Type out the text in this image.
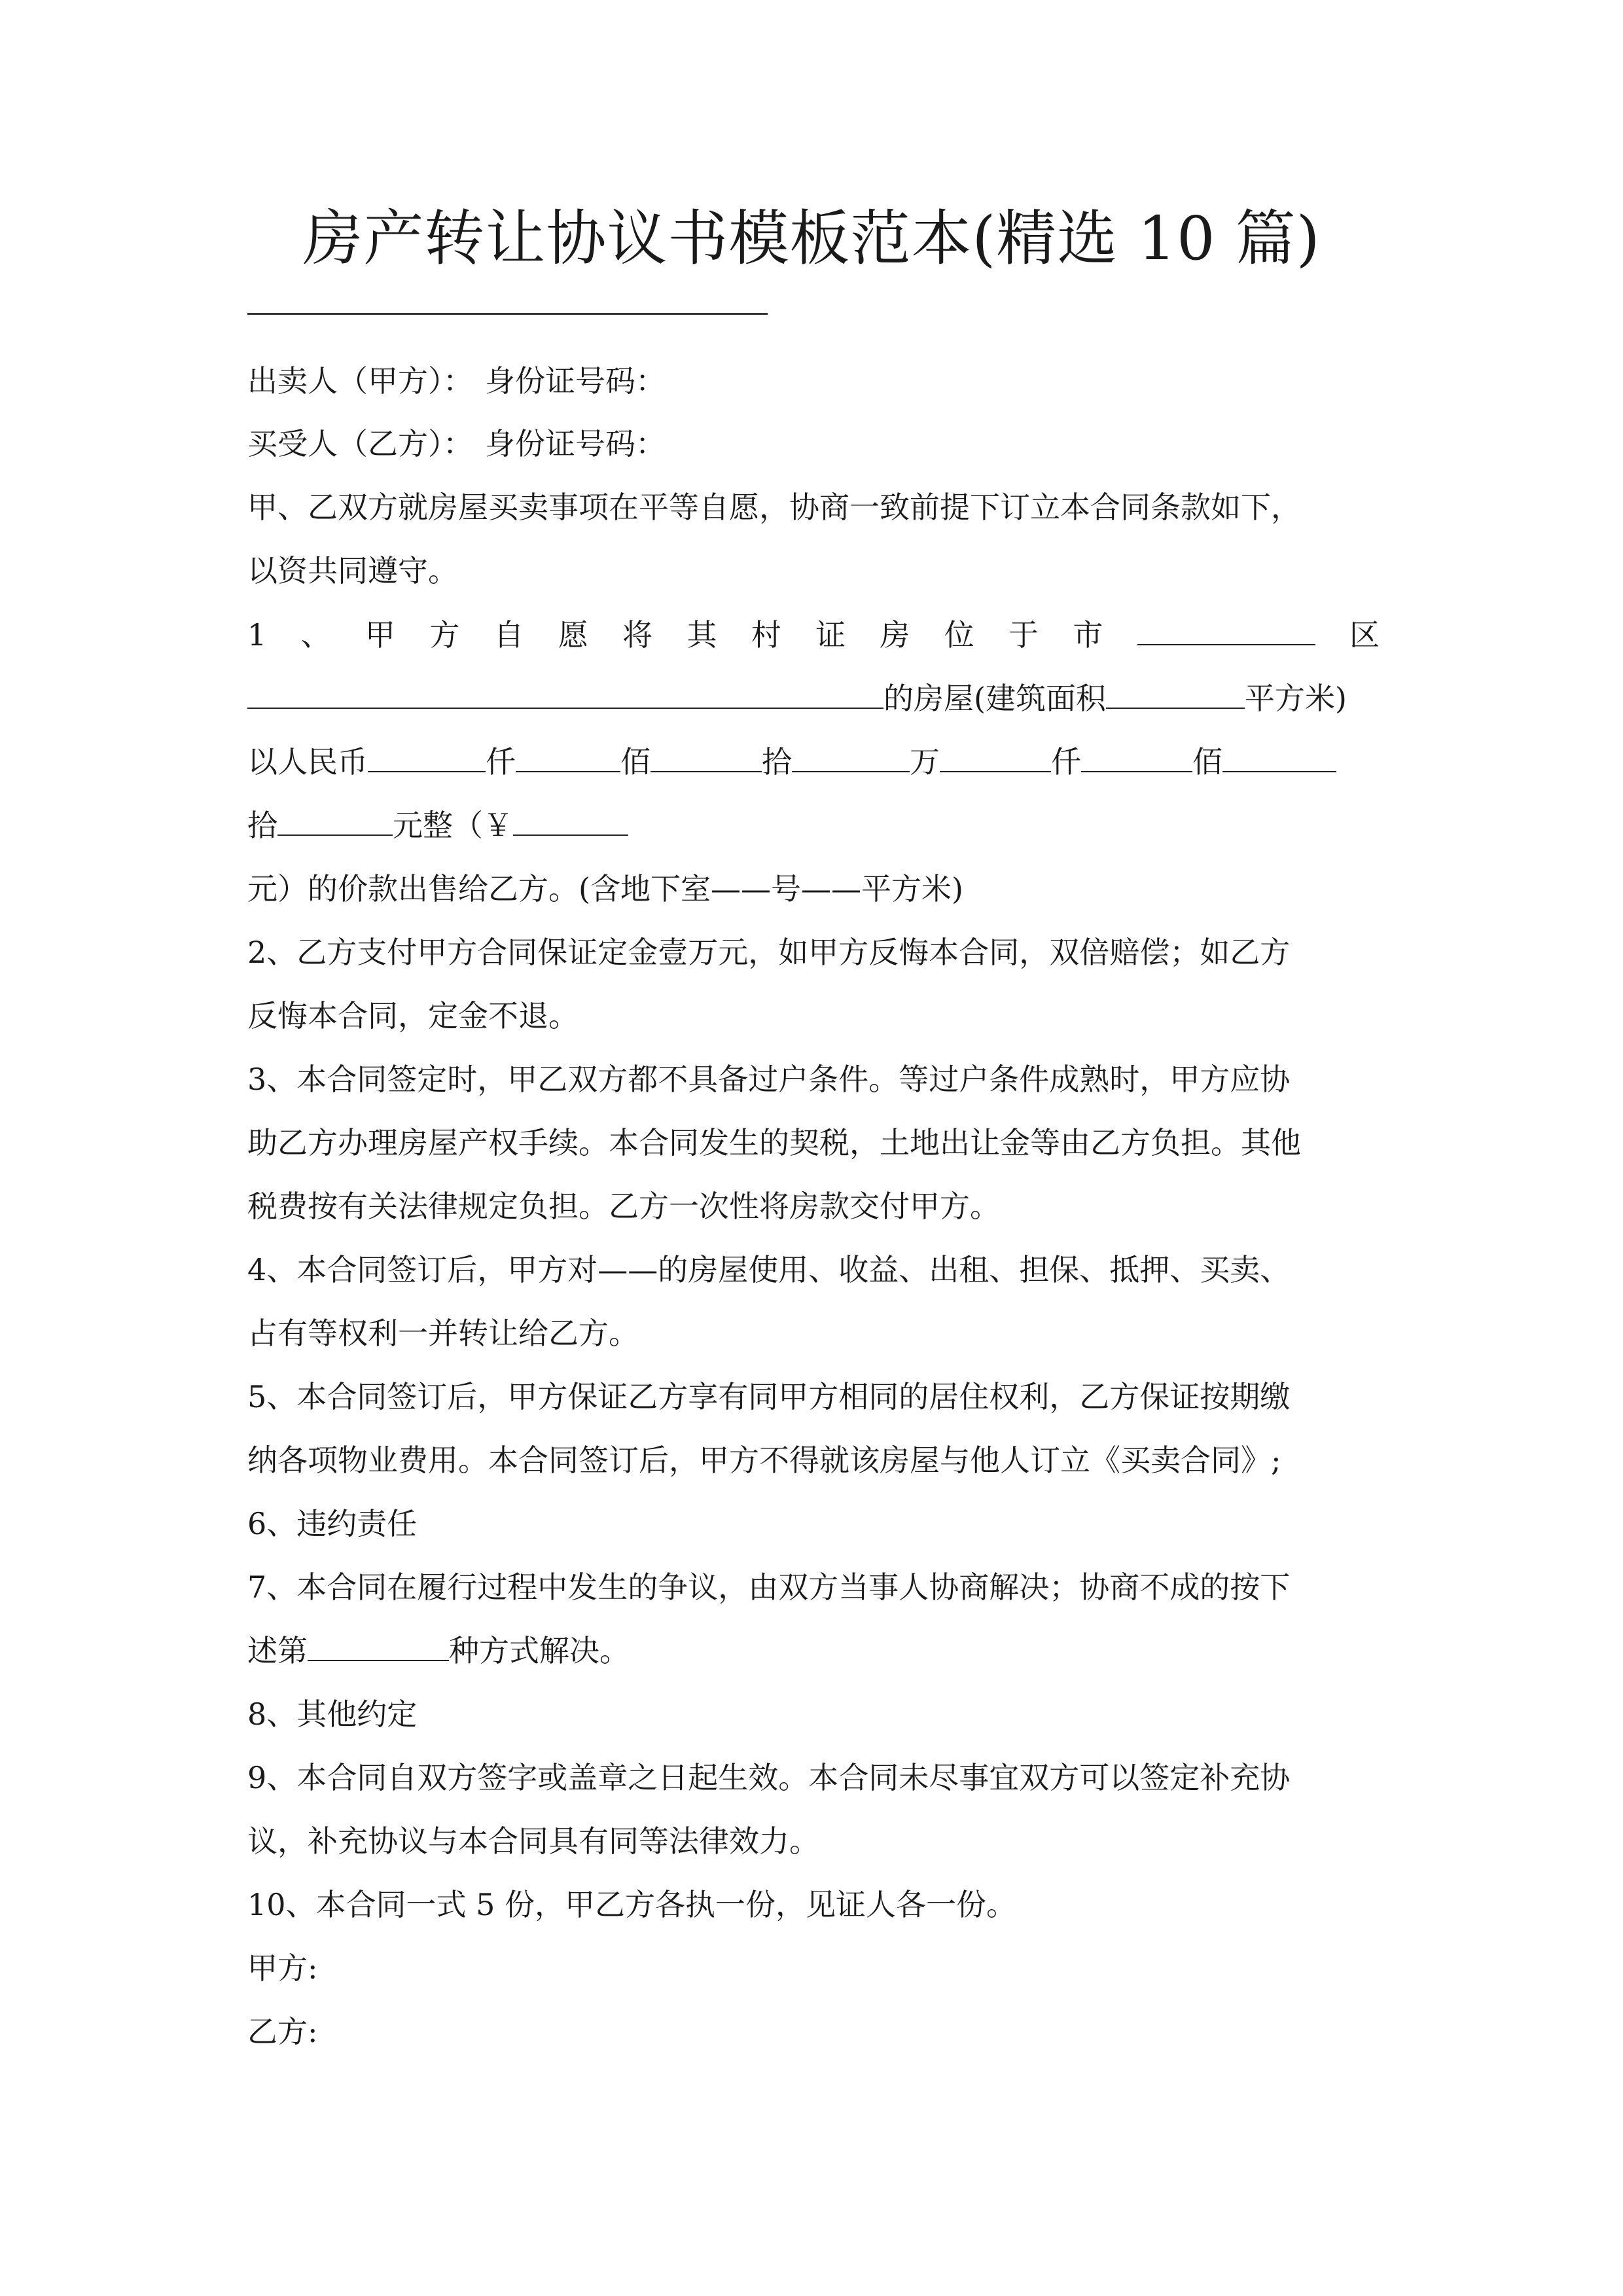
房产转让协议书模板范本(精选 10 篇)
出卖人（甲方）： 身份证号码：
买受人（乙方）： 身份证号码：
甲、乙双方就房屋买卖事项在平等自愿，协商一致前提下订立本合同条款如下，
以资共同遵守。
1 、 甲 方 自 愿 将 其 村 证 房 位 于 市	区
的房屋(建筑面积	平方米)
以人民币	仟	佰	拾	万	仟	佰
拾	元整（￥
元）的价款出售给乙方。(含地下室——号——平方米)
2、乙方支付甲方合同保证定金壹万元，如甲方反悔本合同，双倍赔偿；如乙方
反悔本合同，定金不退。
3、本合同签定时，甲乙双方都不具备过户条件。等过户条件成熟时，甲方应协
助乙方办理房屋产权手续。本合同发生的契税，土地出让金等由乙方负担。其他
税费按有关法律规定负担。乙方一次性将房款交付甲方。
4、本合同签订后，甲方对——的房屋使用、收益、出租、担保、抵押、买卖、
占有等权利一并转让给乙方。
5、本合同签订后，甲方保证乙方享有同甲方相同的居住权利，乙方保证按期缴
纳各项物业费用。本合同签订后，甲方不得就该房屋与他人订立《买卖合同》;
6、违约责任
7、本合同在履行过程中发生的争议，由双方当事人协商解决；协商不成的按下
述第	种方式解决。
8、其他约定
9、本合同自双方签字或盖章之日起生效。本合同未尽事宜双方可以签定补充协
议，补充协议与本合同具有同等法律效力。
10、本合同一式 5 份，甲乙方各执一份，见证人各一份。
甲方:
乙方:
